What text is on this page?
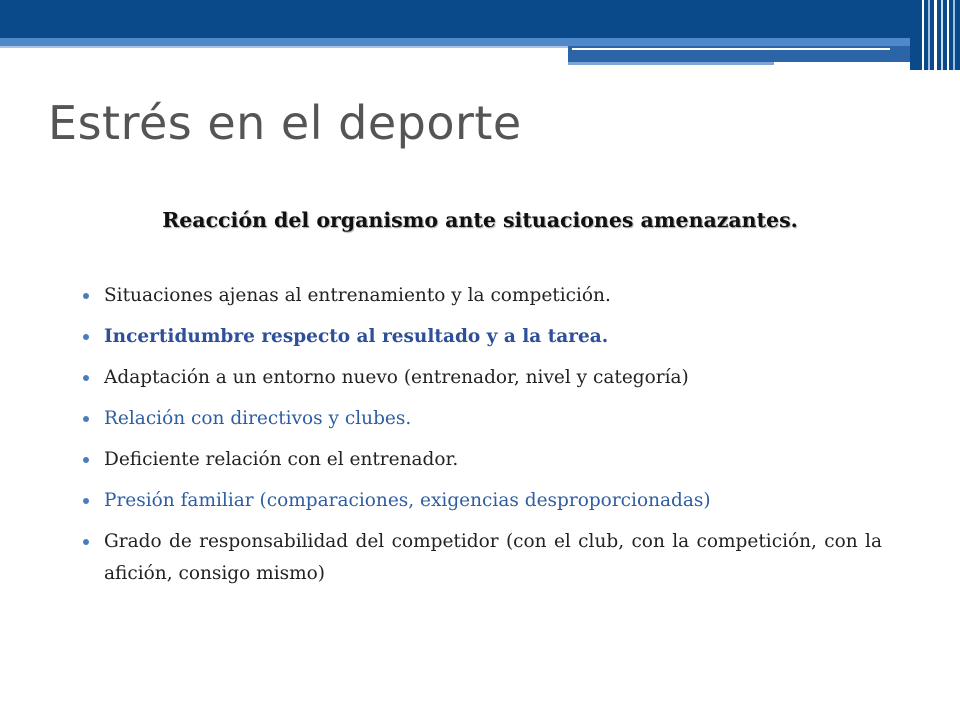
Estrés en el deporte
Reacción del organismo ante situaciones amenazantes.
Situaciones ajenas al entrenamiento y la competición.
Incertidumbre respecto al resultado y a la tarea.
Adaptación a un entorno nuevo (entrenador, nivel y categoría)
Relación con directivos y clubes.
Deficiente relación con el entrenador.
Presión familiar (comparaciones, exigencias desproporcionadas)
Grado de responsabilidad del competidor (con el club, con la competición, con la afición, consigo mismo)
